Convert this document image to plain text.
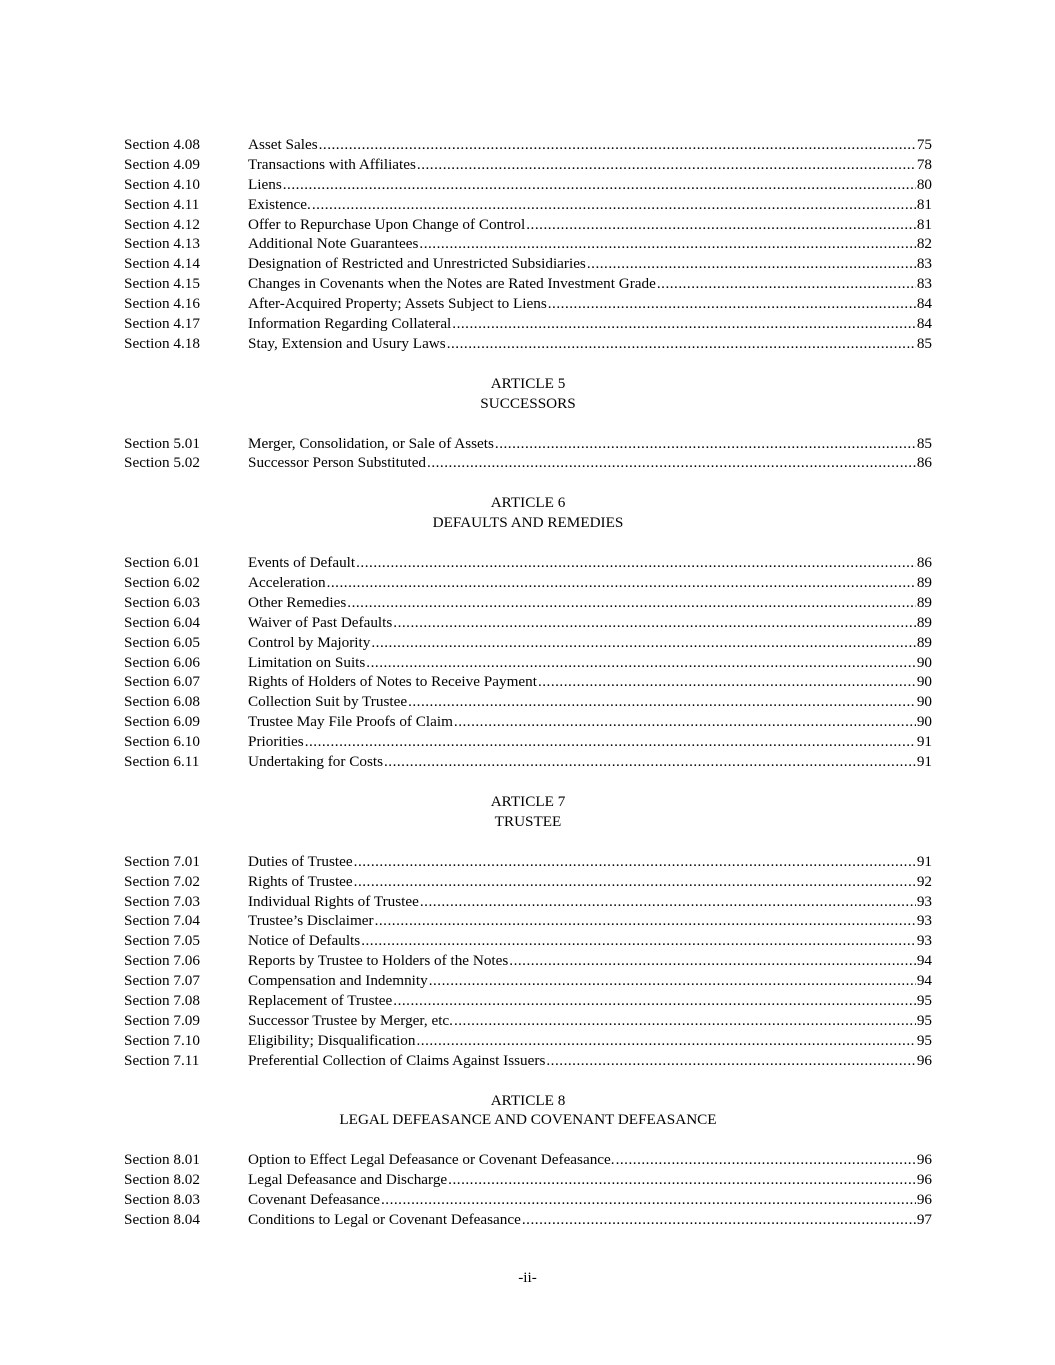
Section 4.08	Asset Sales .....	75
Section 4.09	Transactions with Affiliates .....	78
Section 4.10	Liens .....	80
Section 4.11	Existence. .....	81
Section 4.12	Offer to Repurchase Upon Change of Control .....	81
Section 4.13	Additional Note Guarantees .....	82
Section 4.14	Designation of Restricted and Unrestricted Subsidiaries .....	83
Section 4.15	Changes in Covenants when the Notes are Rated Investment Grade .....	83
Section 4.16	After-Acquired Property; Assets Subject to Liens .....	84
Section 4.17	Information Regarding Collateral .....	84
Section 4.18	Stay, Extension and Usury Laws .....	85
ARTICLE 5
SUCCESSORS
Section 5.01	Merger, Consolidation, or Sale of Assets .....	85
Section 5.02	Successor Person Substituted .....	86
ARTICLE 6
DEFAULTS AND REMEDIES
Section 6.01	Events of Default .....	86
Section 6.02	Acceleration .....	89
Section 6.03	Other Remedies .....	89
Section 6.04	Waiver of Past Defaults .....	89
Section 6.05	Control by Majority .....	89
Section 6.06	Limitation on Suits .....	90
Section 6.07	Rights of Holders of Notes to Receive Payment .....	90
Section 6.08	Collection Suit by Trustee .....	90
Section 6.09	Trustee May File Proofs of Claim .....	90
Section 6.10	Priorities .....	91
Section 6.11	Undertaking for Costs .....	91
ARTICLE 7
TRUSTEE
Section 7.01	Duties of Trustee .....	91
Section 7.02	Rights of Trustee .....	92
Section 7.03	Individual Rights of Trustee .....	93
Section 7.04	Trustee’s Disclaimer .....	93
Section 7.05	Notice of Defaults .....	93
Section 7.06	Reports by Trustee to Holders of the Notes .....	94
Section 7.07	Compensation and Indemnity .....	94
Section 7.08	Replacement of Trustee .....	95
Section 7.09	Successor Trustee by Merger, etc. .....	95
Section 7.10	Eligibility; Disqualification .....	95
Section 7.11	Preferential Collection of Claims Against Issuers .....	96
ARTICLE 8
LEGAL DEFEASANCE AND COVENANT DEFEASANCE
Section 8.01	Option to Effect Legal Defeasance or Covenant Defeasance. .....	96
Section 8.02	Legal Defeasance and Discharge .....	96
Section 8.03	Covenant Defeasance .....	96
Section 8.04	Conditions to Legal or Covenant Defeasance .....	97
-ii-
